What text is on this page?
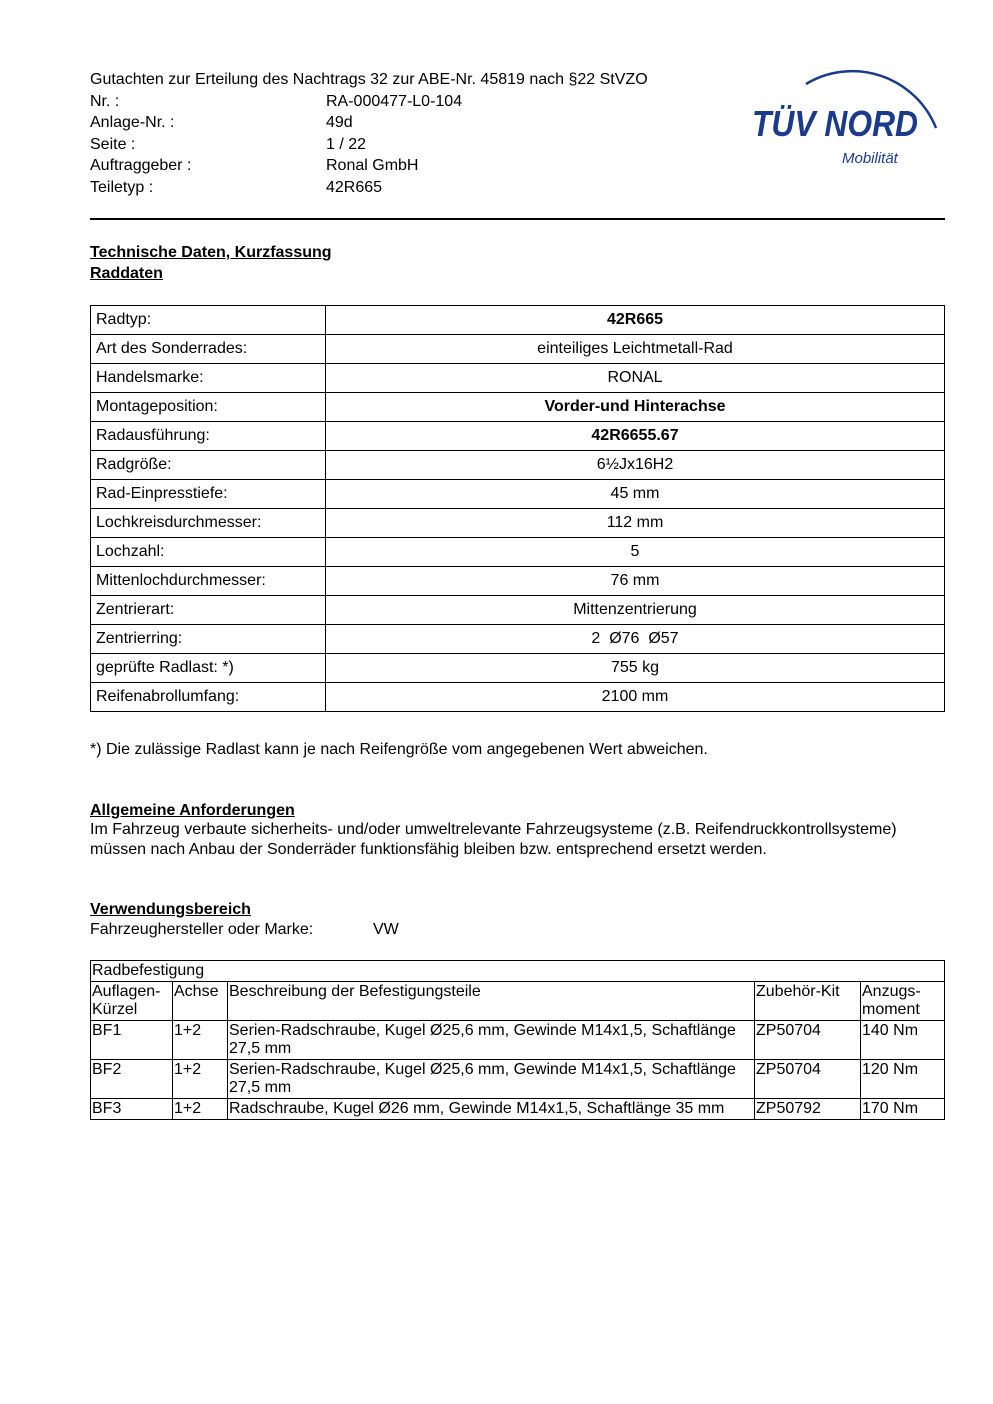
Gutachten zur Erteilung des Nachtrags 32 zur ABE-Nr. 45819 nach §22 StVZO
Nr. :	RA-000477-L0-104
Anlage-Nr. :	49d
Seite :	1 / 22
Auftraggeber :	Ronal GmbH
Teiletyp :	42R665
TÜV NORD
Mobilität
Technische Daten, Kurzfassung
Raddaten
Radtyp:	42R665
Art des Sonderrades:	einteiliges Leichtmetall-Rad
Handelsmarke:	RONAL
Montageposition:	Vorder-und Hinterachse
Radausführung:	42R6655.67
Radgröße:	6½Jx16H2
Rad-Einpresstiefe:	45 mm
Lochkreisdurchmesser:	112 mm
Lochzahl:	5
Mittenlochdurchmesser:	76 mm
Zentrierart:	Mittenzentrierung
Zentrierring:	2  Ø76  Ø57
geprüfte Radlast: *)	755 kg
Reifenabrollumfang:	2100 mm
*) Die zulässige Radlast kann je nach Reifengröße vom angegebenen Wert abweichen.
Allgemeine Anforderungen
Im Fahrzeug verbaute sicherheits- und/oder umweltrelevante Fahrzeugsysteme (z.B. Reifendruckkontrollsysteme) müssen nach Anbau der Sonderräder funktionsfähig bleiben bzw. entsprechend ersetzt werden.
Verwendungsbereich
Fahrzeughersteller oder Marke:	VW
Radbefestigung				
Auflagen-Kürzel	Achse	Beschreibung der Befestigungsteile	Zubehör-Kit	Anzugs-moment
BF1	1+2	Serien-Radschraube, Kugel Ø25,6 mm, Gewinde M14x1,5, Schaftlänge 27,5 mm	ZP50704	140 Nm
BF2	1+2	Serien-Radschraube, Kugel Ø25,6 mm, Gewinde M14x1,5, Schaftlänge 27,5 mm	ZP50704	120 Nm
BF3	1+2	Radschraube, Kugel Ø26 mm, Gewinde M14x1,5, Schaftlänge 35 mm	ZP50792	170 Nm
